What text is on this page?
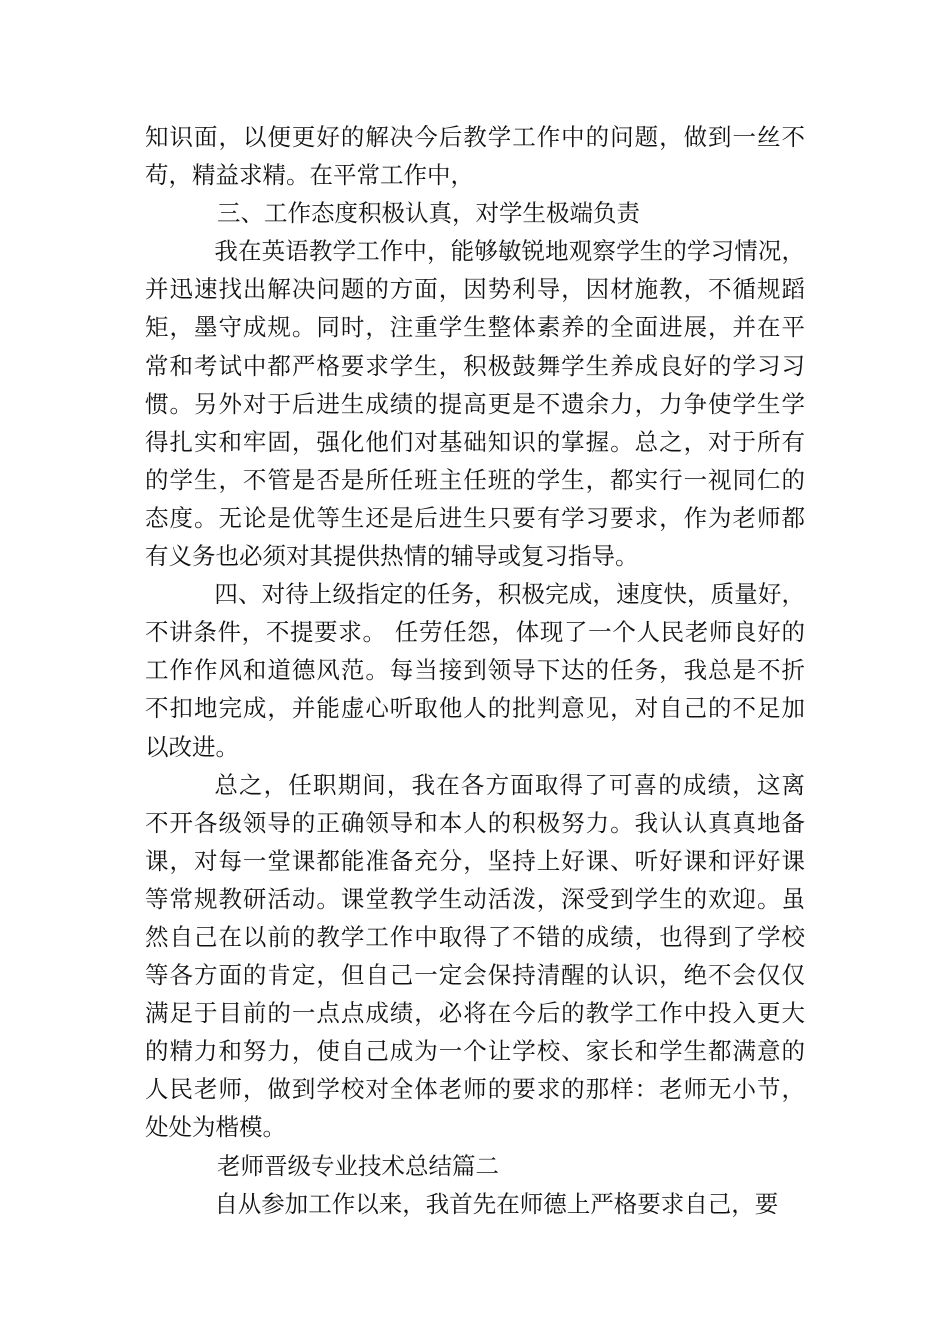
知识面，以便更好的解决今后教学工作中的问题，做到一丝不
苟，精益求精。在平常工作中，
三、工作态度积极认真，对学生极端负责
我在英语教学工作中，能够敏锐地观察学生的学习情况，
并迅速找出解决问题的方面，因势利导，因材施教，不循规蹈
矩，墨守成规。同时，注重学生整体素养的全面进展，并在平
常和考试中都严格要求学生，积极鼓舞学生养成良好的学习习
惯。另外对于后进生成绩的提高更是不遗余力，力争使学生学
得扎实和牢固，强化他们对基础知识的掌握。总之，对于所有
的学生，不管是否是所任班主任班的学生，都实行一视同仁的
态度。无论是优等生还是后进生只要有学习要求，作为老师都
有义务也必须对其提供热情的辅导或复习指导。
四、对待上级指定的任务，积极完成，速度快，质量好，
不讲条件，不提要求。 任劳任怨，体现了一个人民老师良好的
工作作风和道德风范。每当接到领导下达的任务，我总是不折
不扣地完成，并能虚心听取他人的批判意见，对自己的不足加
以改进。
总之，任职期间，我在各方面取得了可喜的成绩，这离
不开各级领导的正确领导和本人的积极努力。我认认真真地备
课，对每一堂课都能准备充分，坚持上好课、听好课和评好课
等常规教研活动。课堂教学生动活泼，深受到学生的欢迎。虽
然自己在以前的教学工作中取得了不错的成绩，也得到了学校
等各方面的肯定，但自己一定会保持清醒的认识，绝不会仅仅
满足于目前的一点点成绩，必将在今后的教学工作中投入更大
的精力和努力，使自己成为一个让学校、家长和学生都满意的
人民老师，做到学校对全体老师的要求的那样：老师无小节，
处处为楷模。
老师晋级专业技术总结篇二
自从参加工作以来，我首先在师德上严格要求自己，要
